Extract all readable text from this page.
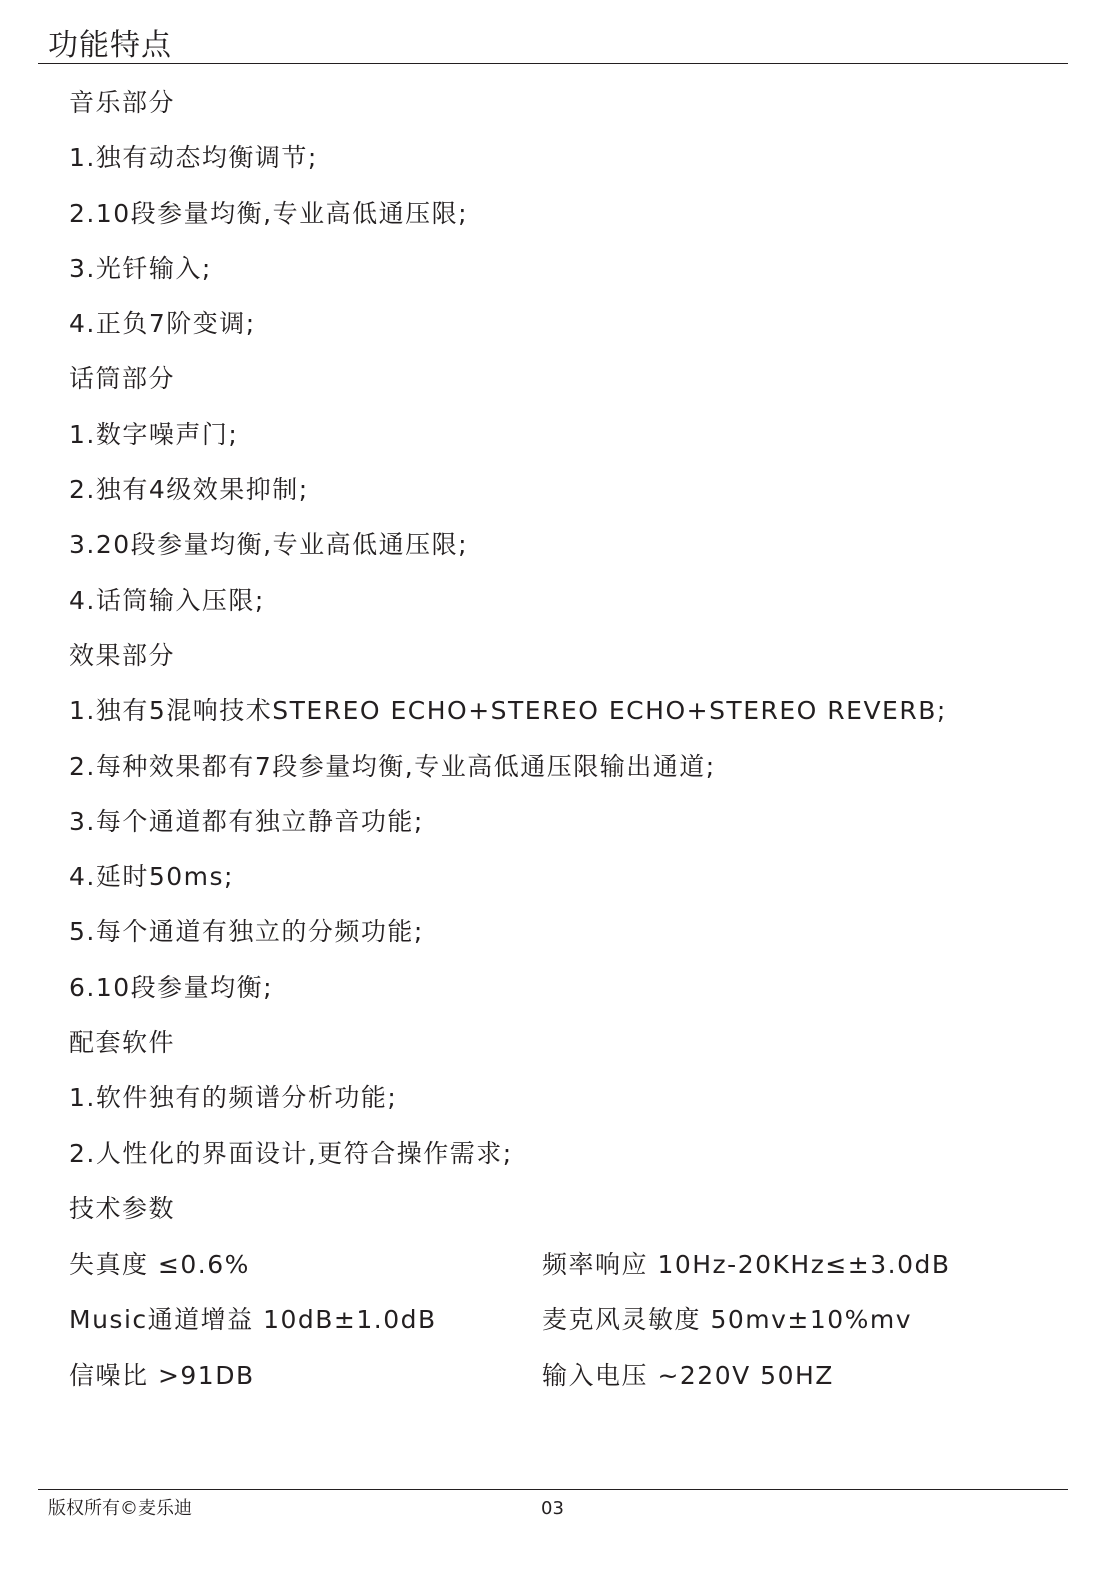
功能特点
音乐部分
1.独有动态均衡调节;
2.10段参量均衡,专业高低通压限;
3.光钎输入;
4.正负7阶变调;
话筒部分
1.数字噪声门;
2.独有4级效果抑制;
3.20段参量均衡,专业高低通压限;
4.话筒输入压限;
效果部分
1.独有5混响技术STEREO ECHO+STEREO ECHO+STEREO REVERB;
2.每种效果都有7段参量均衡,专业高低通压限输出通道;
3.每个通道都有独立静音功能;
4.延时50ms;
5.每个通道有独立的分频功能;
6.10段参量均衡;
配套软件
1.软件独有的频谱分析功能;
2.人性化的界面设计,更符合操作需求;
技术参数
失真度 ≤0.6%	频率响应 10Hz-20KHz≤±3.0dB
Music通道增益 10dB±1.0dB	麦克风灵敏度 50mv±10%mv
信噪比 >91DB	输入电压 ~220V 50HZ
版权所有©麦乐迪	03
